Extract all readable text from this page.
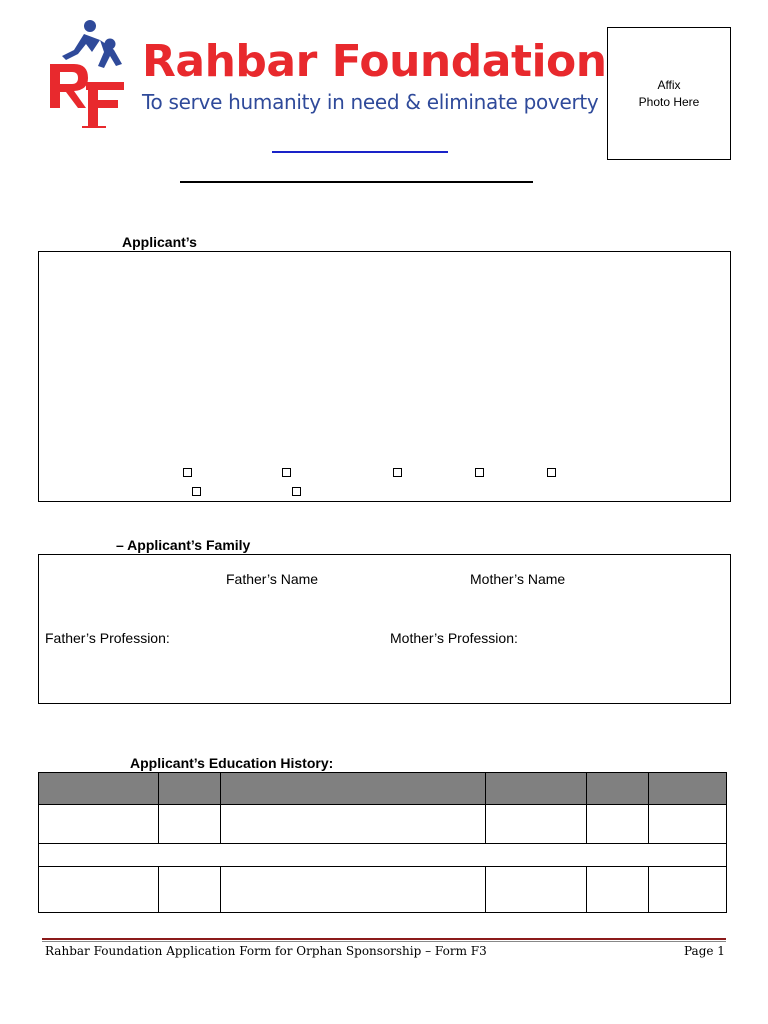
Rahbar Foundation
To serve humanity in need & eliminate poverty
Affix
Photo Here
Applicant’s
– Applicant’s Family
Father’s Name	Mother’s Name
Father’s Profession:	Mother’s Profession:
Applicant’s Education History:

Rahbar Foundation Application Form for Orphan Sponsorship – Form F3	Page 1
